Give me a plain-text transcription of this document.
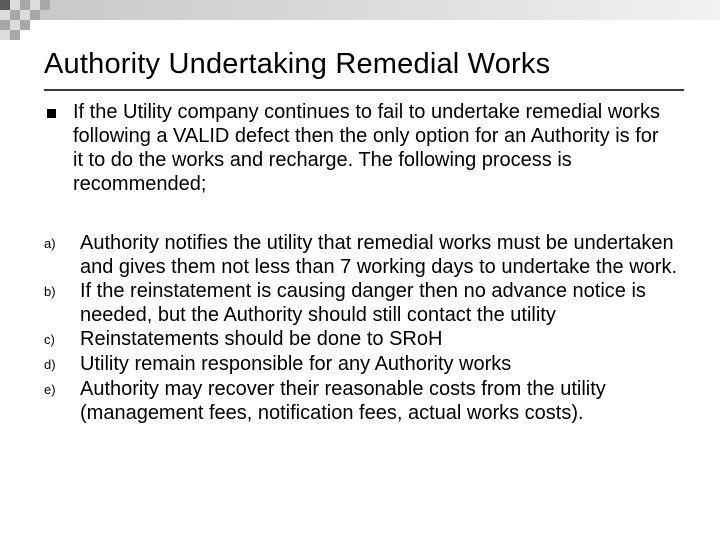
Authority Undertaking Remedial Works
If the Utility company continues to fail to undertake remedial works following a VALID defect then the only option for an Authority is for it to do the works and recharge. The following process is recommended;
a)	Authority notifies the utility that remedial works must be undertaken and gives them not less than 7 working days to undertake the work.
b)	If the reinstatement is causing danger then no advance notice is needed, but the Authority should still contact the utility
c)	Reinstatements should be done to SRoH
d)	Utility remain responsible for any Authority works
e)	Authority may recover their reasonable costs from the utility (management fees, notification fees, actual works costs).
